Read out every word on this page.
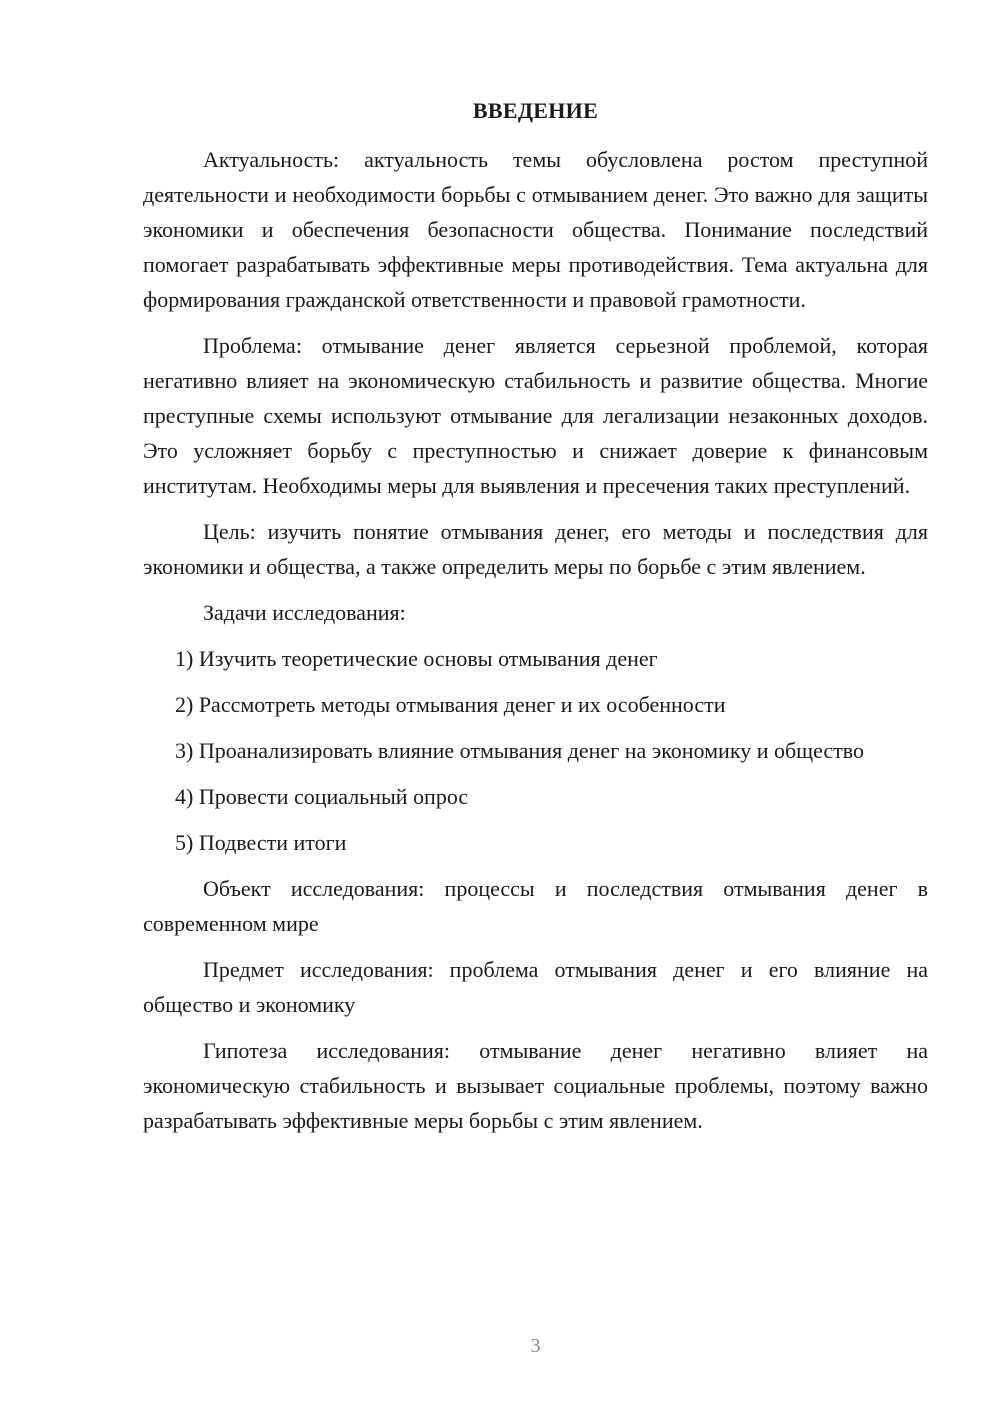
ВВЕДЕНИЕ

Актуальность: актуальность темы обусловлена ростом преступной деятельности и необходимости борьбы с отмыванием денег. Это важно для защиты экономики и обеспечения безопасности общества. Понимание последствий помогает разрабатывать эффективные меры противодействия. Тема актуальна для формирования гражданской ответственности и правовой грамотности.

Проблема: отмывание денег является серьезной проблемой, которая негативно влияет на экономическую стабильность и развитие общества. Многие преступные схемы используют отмывание для легализации незаконных доходов. Это усложняет борьбу с преступностью и снижает доверие к финансовым институтам. Необходимы меры для выявления и пресечения таких преступлений.

Цель: изучить понятие отмывания денег, его методы и последствия для экономики и общества, а также определить меры по борьбе с этим явлением.

Задачи исследования:

1) Изучить теоретические основы отмывания денег

2) Рассмотреть методы отмывания денег и их особенности

3) Проанализировать влияние отмывания денег на экономику и общество

4) Провести социальный опрос

5) Подвести итоги

Объект исследования: процессы и последствия отмывания денег в современном мире

Предмет исследования: проблема отмывания денег и его влияние на общество и экономику

Гипотеза исследования: отмывание денег негативно влияет на экономическую стабильность и вызывает социальные проблемы, поэтому важно разрабатывать эффективные меры борьбы с этим явлением.

3
